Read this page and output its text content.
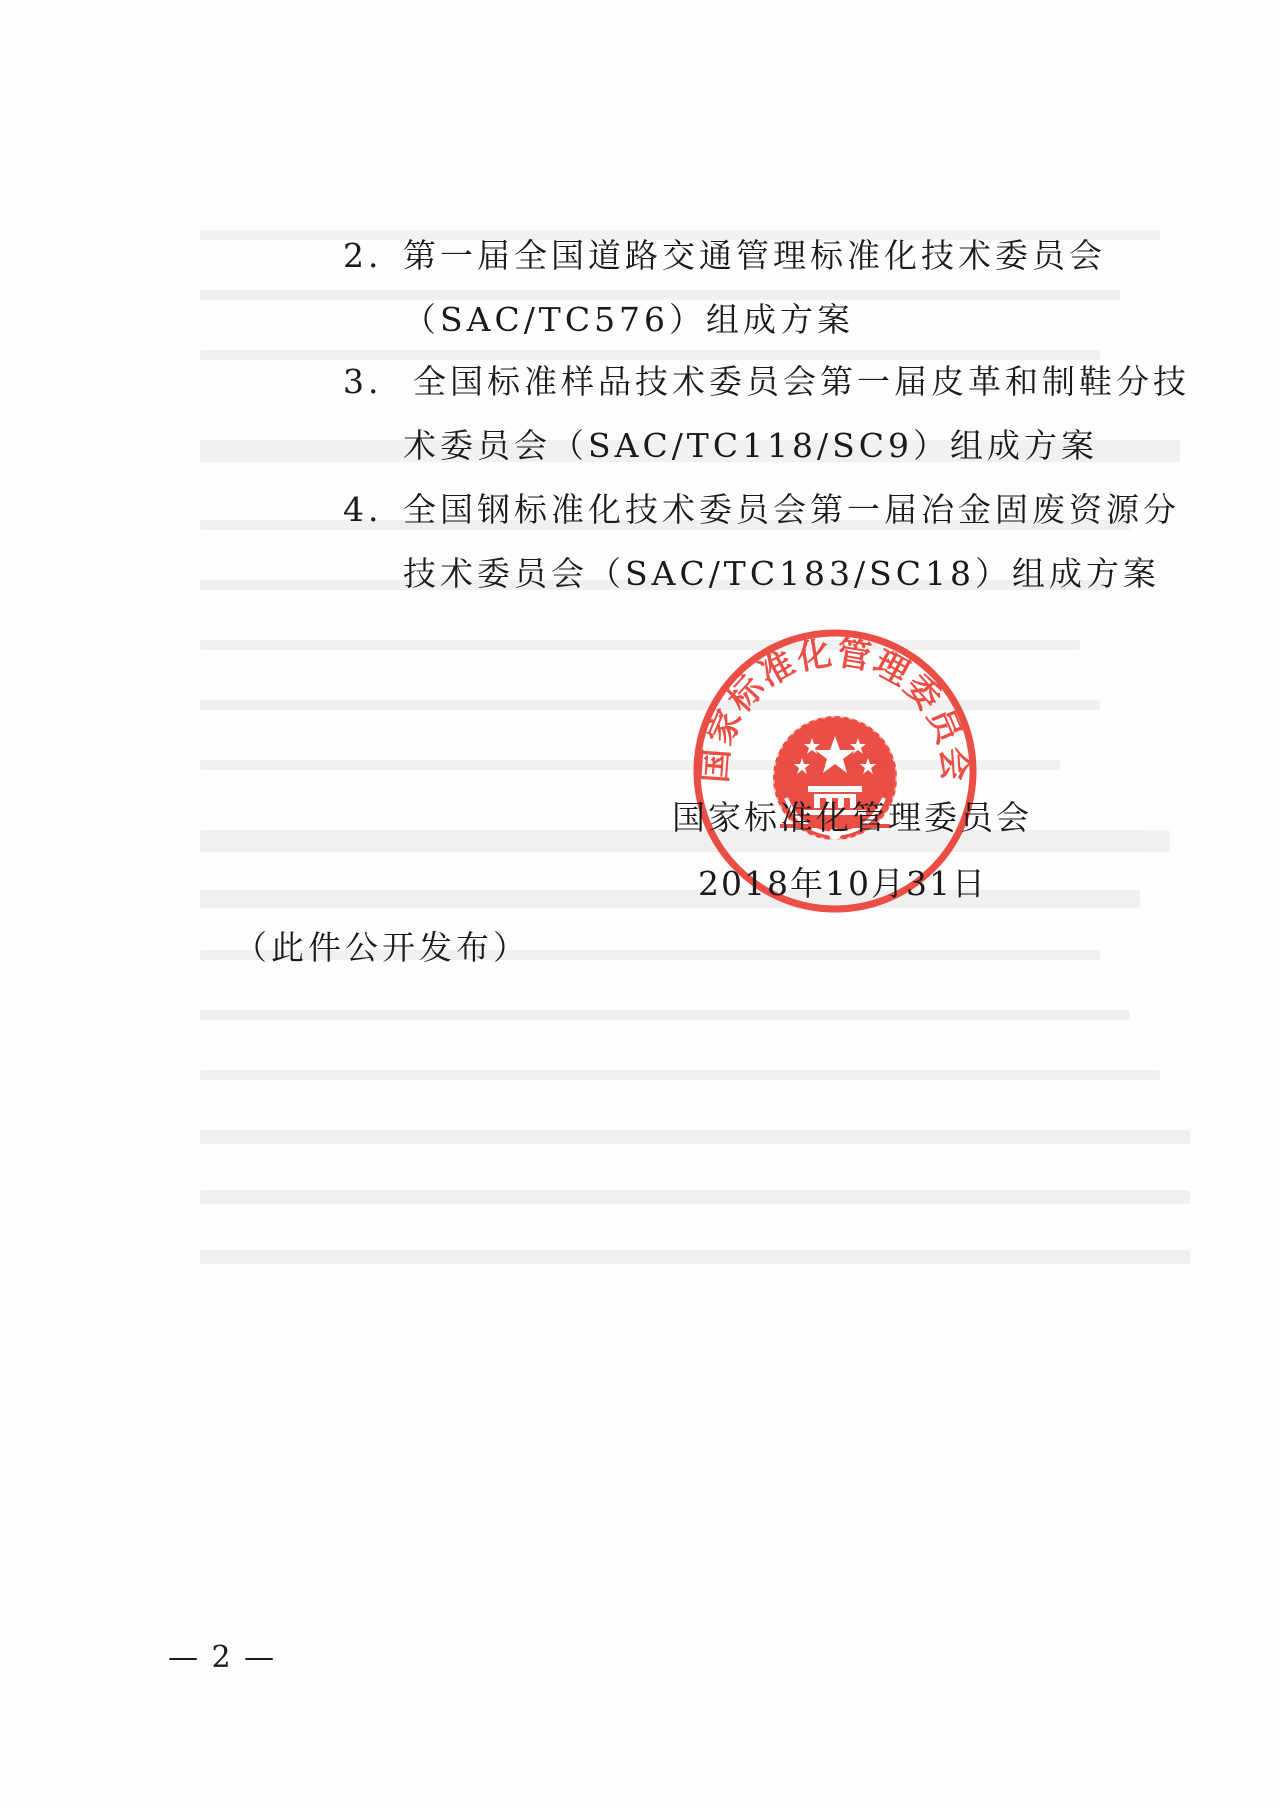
2. 第一届全国道路交通管理标准化技术委员会
（SAC/TC576）组成方案
3. 全国标准样品技术委员会第一届皮革和制鞋分技
术委员会（SAC/TC118/SC9）组成方案
4. 全国钢标准化技术委员会第一届冶金固废资源分
技术委员会（SAC/TC183/SC18）组成方案
国家标准化管理委员会
国家标准化管理委员会
2018年10月31日
（此件公开发布）
— 2 —
